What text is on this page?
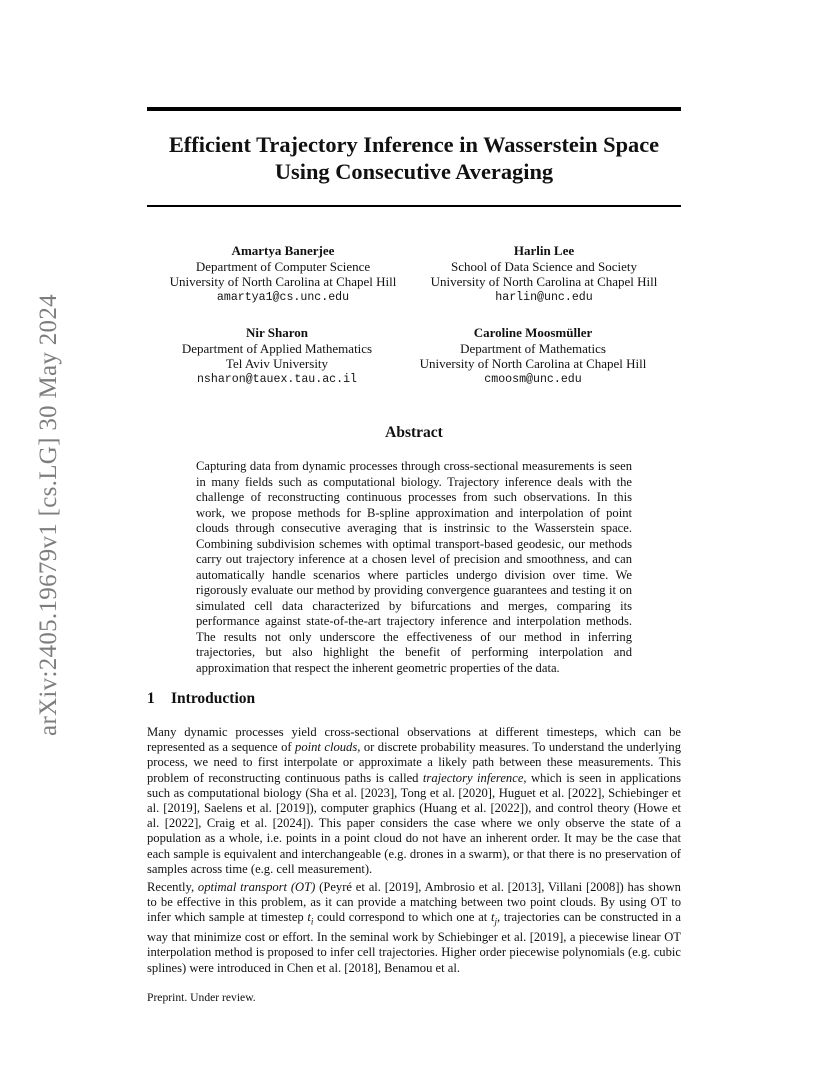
arXiv:2405.19679v1 [cs.LG] 30 May 2024
Efficient Trajectory Inference in Wasserstein Space
Using Consecutive Averaging
Amartya Banerjee
Department of Computer Science
University of North Carolina at Chapel Hill
amartya1@cs.unc.edu
Harlin Lee
School of Data Science and Society
University of North Carolina at Chapel Hill
harlin@unc.edu
Nir Sharon
Department of Applied Mathematics
Tel Aviv University
nsharon@tauex.tau.ac.il
Caroline Moosmüller
Department of Mathematics
University of North Carolina at Chapel Hill
cmoosm@unc.edu
Abstract
Capturing data from dynamic processes through cross-sectional measurements is seen in many fields such as computational biology. Trajectory inference deals with the challenge of reconstructing continuous processes from such observations. In this work, we propose methods for B-spline approximation and interpolation of point clouds through consecutive averaging that is instrinsic to the Wasserstein space. Combining subdivision schemes with optimal transport-based geodesic, our methods carry out trajectory inference at a chosen level of precision and smoothness, and can automatically handle scenarios where particles undergo division over time. We rigorously evaluate our method by providing convergence guarantees and testing it on simulated cell data characterized by bifurcations and merges, comparing its performance against state-of-the-art trajectory inference and interpolation methods. The results not only underscore the effectiveness of our method in inferring trajectories, but also highlight the benefit of performing interpolation and approximation that respect the inherent geometric properties of the data.
1 Introduction
Many dynamic processes yield cross-sectional observations at different timesteps, which can be represented as a sequence of point clouds, or discrete probability measures. To understand the underlying process, we need to first interpolate or approximate a likely path between these measurements. This problem of reconstructing continuous paths is called trajectory inference, which is seen in applications such as computational biology (Sha et al. [2023], Tong et al. [2020], Huguet et al. [2022], Schiebinger et al. [2019], Saelens et al. [2019]), computer graphics (Huang et al. [2022]), and control theory (Howe et al. [2022], Craig et al. [2024]). This paper considers the case where we only observe the state of a population as a whole, i.e. points in a point cloud do not have an inherent order. It may be the case that each sample is equivalent and interchangeable (e.g. drones in a swarm), or that there is no preservation of samples across time (e.g. cell measurement).
Recently, optimal transport (OT) (Peyré et al. [2019], Ambrosio et al. [2013], Villani [2008]) has shown to be effective in this problem, as it can provide a matching between two point clouds. By using OT to infer which sample at timestep $t_i$ could correspond to which one at $t_j$, trajectories can be constructed in a way that minimize cost or effort. In the seminal work by Schiebinger et al. [2019], a piecewise linear OT interpolation method is proposed to infer cell trajectories. Higher order piecewise polynomials (e.g. cubic splines) were introduced in Chen et al. [2018], Benamou et al.
Preprint. Under review.
